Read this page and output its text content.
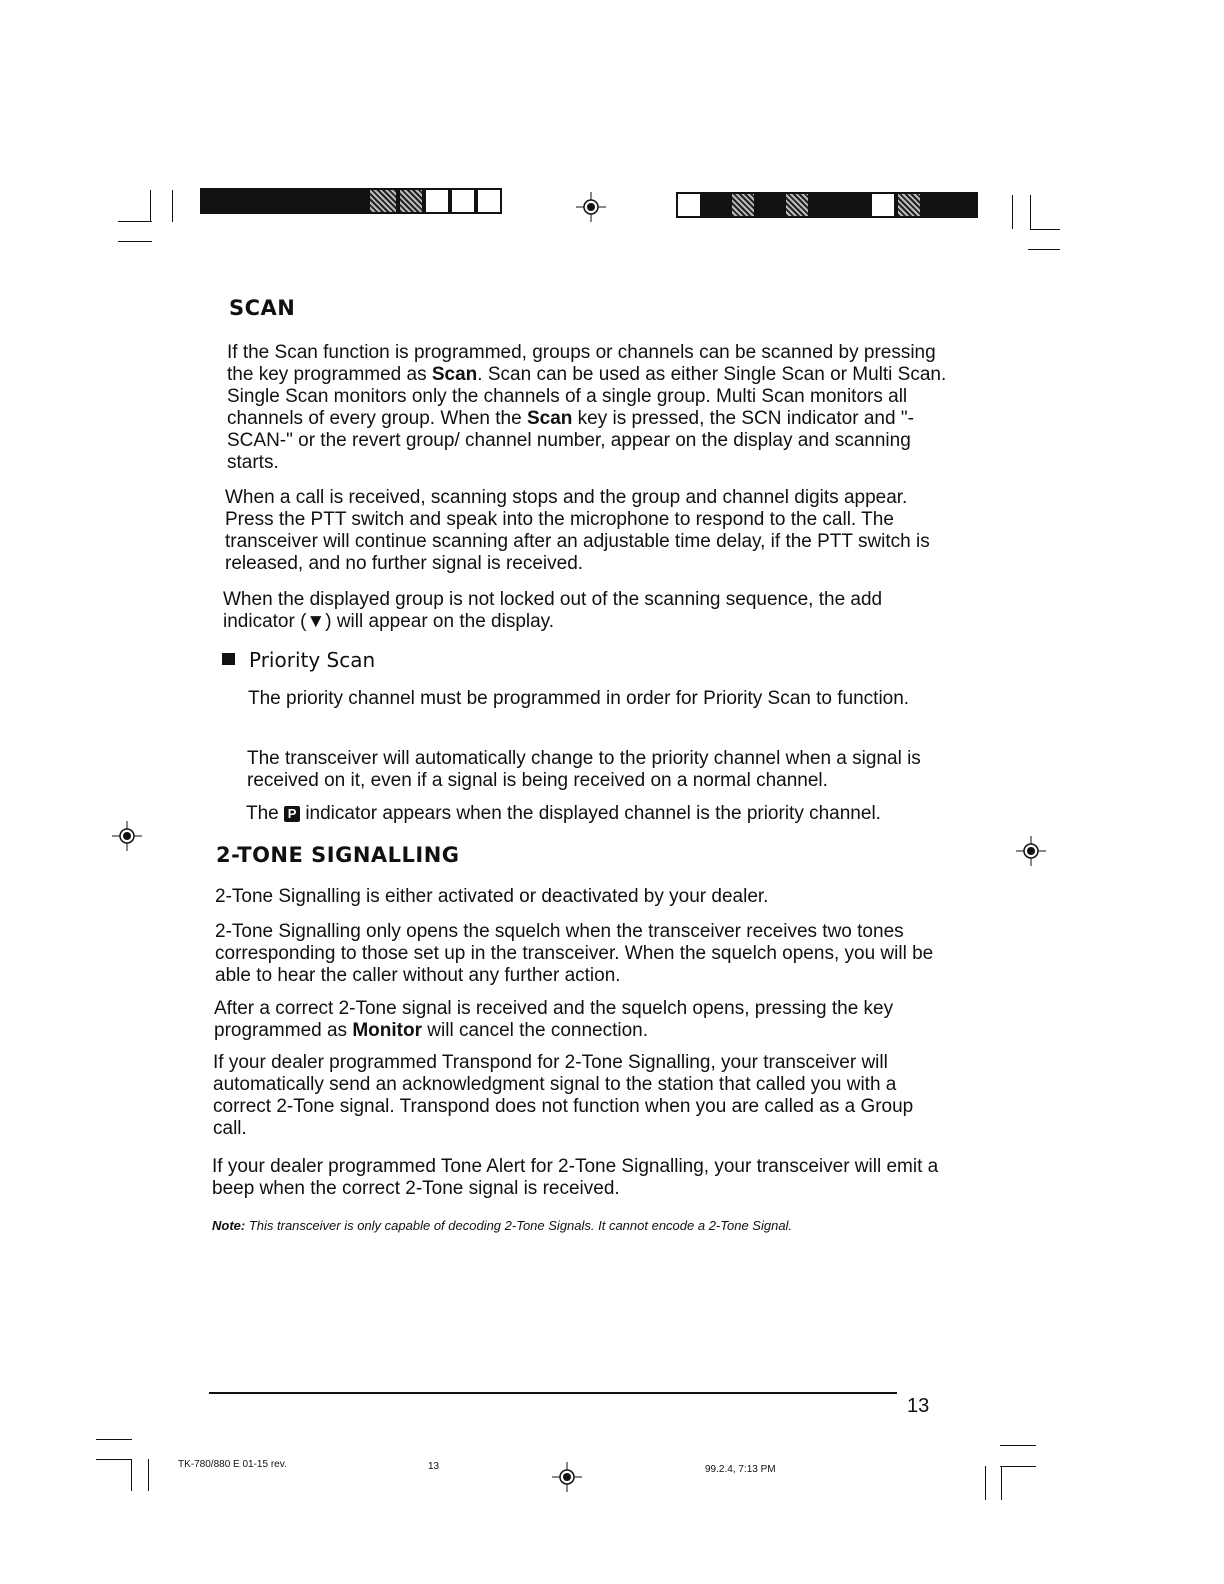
SCAN

If the Scan function is programmed, groups or channels can be scanned by pressing the key programmed as Scan. Scan can be used as either Single Scan or Multi Scan. Single Scan monitors only the channels of a single group. Multi Scan monitors all channels of every group. When the Scan key is pressed, the SCN indicator and "-SCAN-" or the revert group/ channel number, appear on the display and scanning starts.

When a call is received, scanning stops and the group and channel digits appear. Press the PTT switch and speak into the microphone to respond to the call. The transceiver will continue scanning after an adjustable time delay, if the PTT switch is released, and no further signal is received.

When the displayed group is not locked out of the scanning sequence, the add indicator (▼) will appear on the display.

Priority Scan

The priority channel must be programmed in order for Priority Scan to function.

The transceiver will automatically change to the priority channel when a signal is received on it, even if a signal is being received on a normal channel.

The P indicator appears when the displayed channel is the priority channel.

2-TONE SIGNALLING

2-Tone Signalling is either activated or deactivated by your dealer.

2-Tone Signalling only opens the squelch when the transceiver receives two tones corresponding to those set up in the transceiver. When the squelch opens, you will be able to hear the caller without any further action.

After a correct 2-Tone signal is received and the squelch opens, pressing the key programmed as Monitor will cancel the connection.

If your dealer programmed Transpond for 2-Tone Signalling, your transceiver will automatically send an acknowledgment signal to the station that called you with a correct 2-Tone signal. Transpond does not function when you are called as a Group call.

If your dealer programmed Tone Alert for 2-Tone Signalling, your transceiver will emit a beep when the correct 2-Tone signal is received.

Note: This transceiver is only capable of decoding 2-Tone Signals. It cannot encode a 2-Tone Signal.

13
TK-780/880 E 01-15 rev.	13	99.2.4, 7:13 PM
